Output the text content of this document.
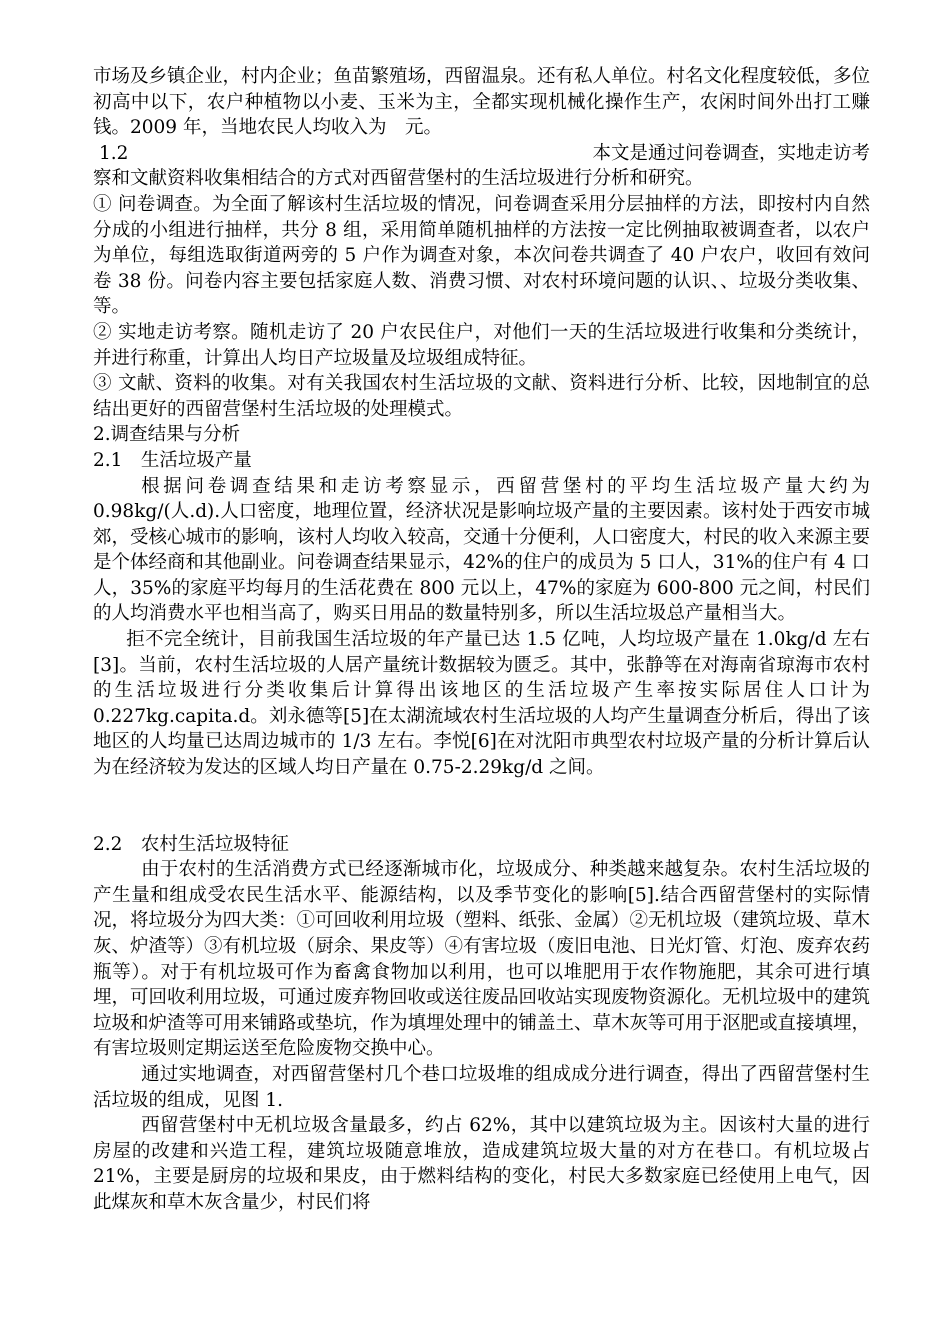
市场及乡镇企业，村内企业；鱼苗繁殖场，西留温泉。还有私人单位。村名文化程度较低，多位初高中以下，农户种植物以小麦、玉米为主，全都实现机械化操作生产，农闲时间外出打工赚钱。2009 年，当地农民人均收入为　元。

1.2	本文是通过问卷调查，实地走访考

察和文献资料收集相结合的方式对西留营堡村的生活垃圾进行分析和研究。

① 问卷调查。为全面了解该村生活垃圾的情况，问卷调查采用分层抽样的方法，即按村内自然分成的小组进行抽样，共分 8 组，采用简单随机抽样的方法按一定比例抽取被调查者，以农户为单位，每组选取街道两旁的 5 户作为调查对象，本次问卷共调查了 40 户农户，收回有效问卷 38 份。问卷内容主要包括家庭人数、消费习惯、对农村环境问题的认识、、垃圾分类收集、等。

② 实地走访考察。随机走访了 20 户农民住户，对他们一天的生活垃圾进行收集和分类统计，并进行称重，计算出人均日产垃圾量及垃圾组成特征。

③ 文献、资料的收集。对有关我国农村生活垃圾的文献、资料进行分析、比较，因地制宜的总结出更好的西留营堡村生活垃圾的处理模式。

2.调查结果与分析

2.1　生活垃圾产量

根据问卷调查结果和走访考察显示，西留营堡村的平均生活垃圾产量大约为 0.98kg/(人.d).人口密度，地理位置，经济状况是影响垃圾产量的主要因素。该村处于西安市城郊，受核心城市的影响，该村人均收入较高，交通十分便利，人口密度大，村民的收入来源主要是个体经商和其他副业。问卷调查结果显示，42%的住户的成员为 5 口人，31%的住户有 4 口人，35%的家庭平均每月的生活花费在 800 元以上，47%的家庭为 600-800 元之间，村民们的人均消费水平也相当高了，购买日用品的数量特别多，所以生活垃圾总产量相当大。

拒不完全统计，目前我国生活垃圾的年产量已达 1.5 亿吨，人均垃圾产量在 1.0kg/d 左右[3]。当前，农村生活垃圾的人居产量统计数据较为匮乏。其中，张静等在对海南省琼海市农村的生活垃圾进行分类收集后计算得出该地区的生活垃圾产生率按实际居住人口计为 0.227kg.capita.d。刘永德等[5]在太湖流域农村生活垃圾的人均产生量调查分析后，得出了该地区的人均量已达周边城市的 1/3 左右。李悦[6]在对沈阳市典型农村垃圾产量的分析计算后认为在经济较为发达的区域人均日产量在 0.75-2.29kg/d 之间。

2.2　农村生活垃圾特征

由于农村的生活消费方式已经逐渐城市化，垃圾成分、种类越来越复杂。农村生活垃圾的产生量和组成受农民生活水平、能源结构，以及季节变化的影响[5].结合西留营堡村的实际情况，将垃圾分为四大类：①可回收利用垃圾（塑料、纸张、金属）②无机垃圾（建筑垃圾、草木灰、炉渣等）③有机垃圾（厨余、果皮等）④有害垃圾（废旧电池、日光灯管、灯泡、废弃农药瓶等）。对于有机垃圾可作为畜禽食物加以利用，也可以堆肥用于农作物施肥，其余可进行填埋，可回收利用垃圾，可通过废弃物回收或送往废品回收站实现废物资源化。无机垃圾中的建筑垃圾和炉渣等可用来铺路或垫坑，作为填埋处理中的铺盖土、草木灰等可用于沤肥或直接填埋，有害垃圾则定期运送至危险废物交换中心。

通过实地调查，对西留营堡村几个巷口垃圾堆的组成成分进行调查，得出了西留营堡村生活垃圾的组成，见图 1.

西留营堡村中无机垃圾含量最多，约占 62%，其中以建筑垃圾为主。因该村大量的进行房屋的改建和兴造工程，建筑垃圾随意堆放，造成建筑垃圾大量的对方在巷口。有机垃圾占 21%，主要是厨房的垃圾和果皮，由于燃料结构的变化，村民大多数家庭已经使用上电气，因此煤灰和草木灰含量少，村民们将
